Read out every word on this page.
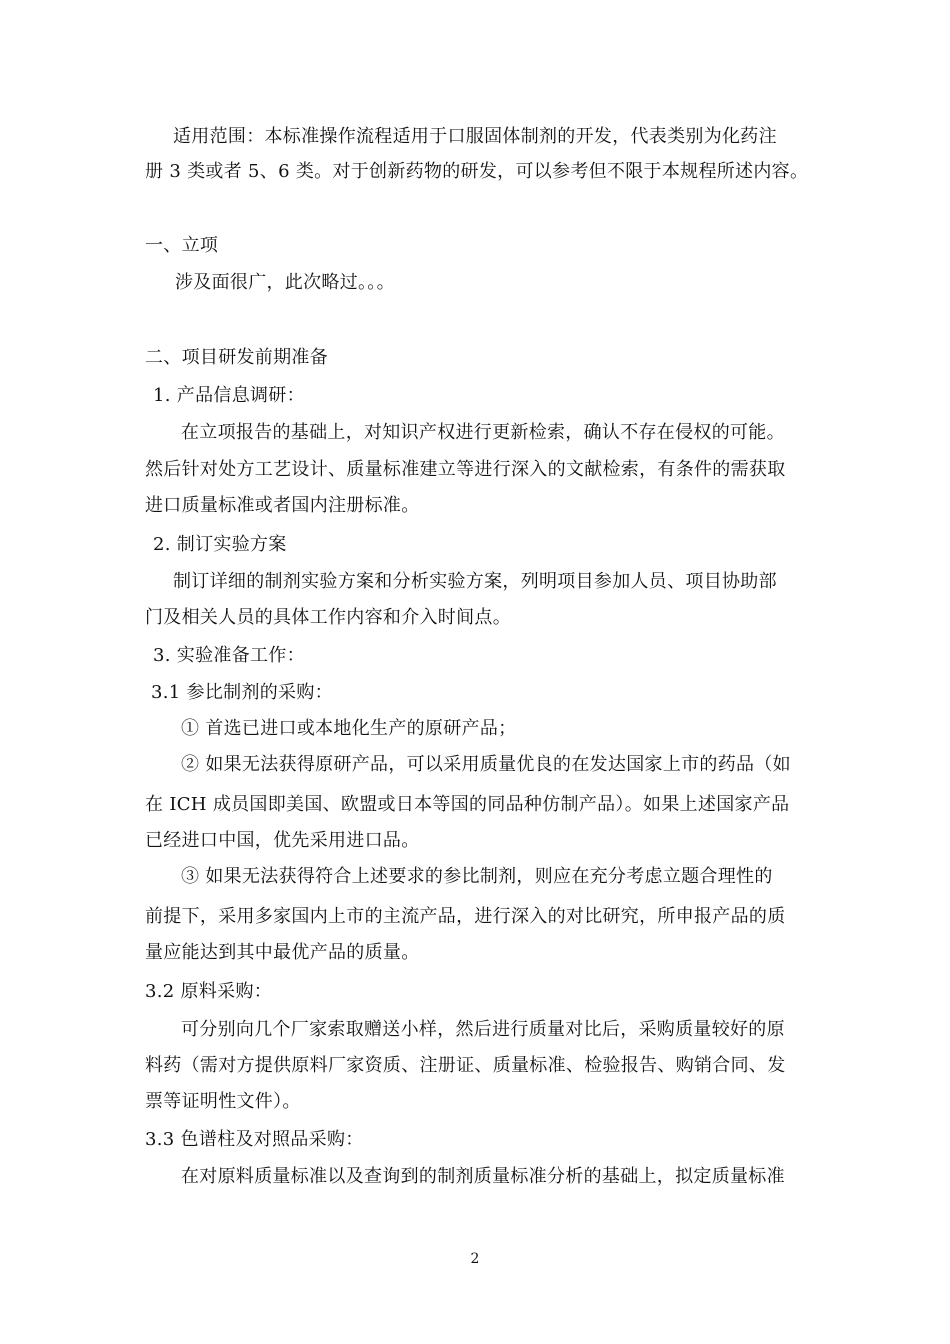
适用范围：本标准操作流程适用于口服固体制剂的开发，代表类别为化药注
册 3 类或者 5、6 类。对于创新药物的研发，可以参考但不限于本规程所述内容。
一、立项
涉及面很广，此次略过。。。
二、项目研发前期准备
1. 产品信息调研：
在立项报告的基础上，对知识产权进行更新检索，确认不存在侵权的可能。
然后针对处方工艺设计、质量标准建立等进行深入的文献检索，有条件的需获取
进口质量标准或者国内注册标准。
2. 制订实验方案
制订详细的制剂实验方案和分析实验方案，列明项目参加人员、项目协助部
门及相关人员的具体工作内容和介入时间点。
3. 实验准备工作：
3.1 参比制剂的采购：
① 首选已进口或本地化生产的原研产品；
② 如果无法获得原研产品，可以采用质量优良的在发达国家上市的药品（如
在 ICH 成员国即美国、欧盟或日本等国的同品种仿制产品）。如果上述国家产品
已经进口中国，优先采用进口品。
③ 如果无法获得符合上述要求的参比制剂，则应在充分考虑立题合理性的
前提下，采用多家国内上市的主流产品，进行深入的对比研究，所申报产品的质
量应能达到其中最优产品的质量。
3.2 原料采购：
可分别向几个厂家索取赠送小样，然后进行质量对比后，采购质量较好的原
料药（需对方提供原料厂家资质、注册证、质量标准、检验报告、购销合同、发
票等证明性文件）。
3.3 色谱柱及对照品采购：
在对原料质量标准以及查询到的制剂质量标准分析的基础上，拟定质量标准
2
